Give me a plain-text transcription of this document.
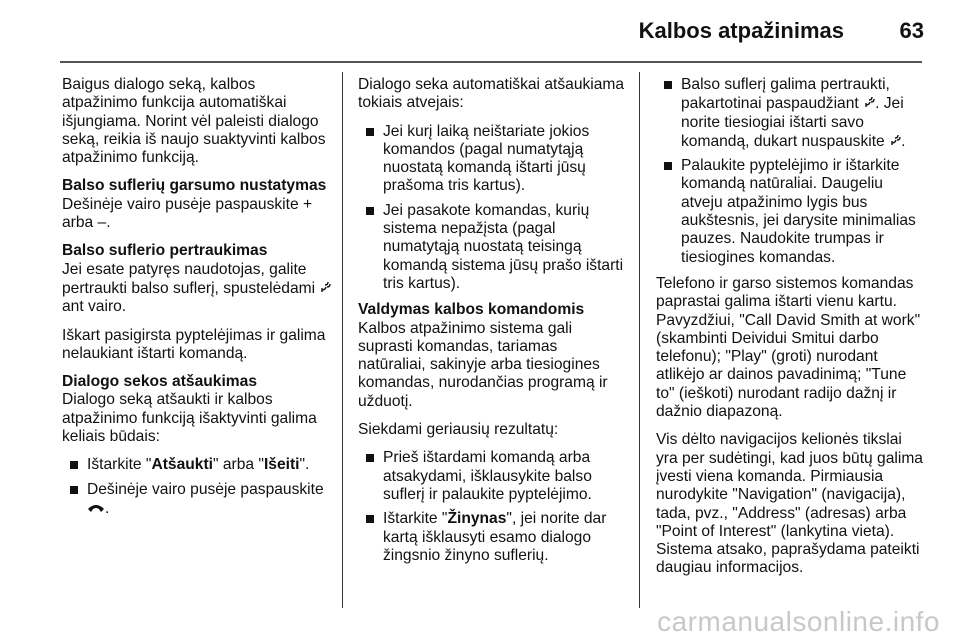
Kalbos atpažinimas	63

Baigus dialogo seką, kalbos atpažinimo funkcija automatiškai išjungiama. Norint vėl paleisti dialogo seką, reikia iš naujo suaktyvinti kalbos atpažinimo funkciją.

Balso suflerių garsumo nustatymas

Dešinėje vairo pusėje paspauskite + arba –.

Balso suflerio pertraukimas

Jei esate patyręs naudotojas, galite pertraukti balso suflerį, spustelėdami  ant vairo.

Iškart pasigirsta pyptelėjimas ir galima nelaukiant ištarti komandą.

Dialogo sekos atšaukimas

Dialogo seką atšaukti ir kalbos atpažinimo funkciją išaktyvinti galima keliais būdais:

Ištarkite "Atšaukti" arba "Išeiti".
Dešinėje vairo pusėje paspauskite
.

Dialogo seka automatiškai atšaukiama tokiais atvejais:

Jei kurį laiką neištariate jokios komandos (pagal numatytąją nuostatą komandą ištarti jūsų prašoma tris kartus).
Jei pasakote komandas, kurių sistema nepažįsta (pagal numatytąją nuostatą teisingą komandą sistema jūsų prašo ištarti tris kartus).

Valdymas kalbos komandomis

Kalbos atpažinimo sistema gali suprasti komandas, tariamas natūraliai, sakinyje arba tiesiogines komandas, nurodančias programą ir užduotį.

Siekdami geriausių rezultatų:

Prieš ištardami komandą arba atsakydami, išklausykite balso suflerį ir palaukite pyptelėjimo.
Ištarkite "Žinynas", jei norite dar kartą išklausyti esamo dialogo žingsnio žinyno suflerių.
Balso suflerį galima pertraukti, pakartotinai paspaudžiant . Jei norite tiesiogiai ištarti savo komandą, dukart nuspauskite .
Palaukite pyptelėjimo ir ištarkite komandą natūraliai. Daugeliu atveju atpažinimo lygis bus aukštesnis, jei darysite minimalias pauzes. Naudokite trumpas ir tiesiogines komandas.

Telefono ir garso sistemos komandas paprastai galima ištarti vienu kartu. Pavyzdžiui, "Call David Smith at work" (skambinti Deividui Smitui darbo telefonu); "Play" (groti) nurodant atlikėjo ar dainos pavadinimą; "Tune to" (ieškoti) nurodant radijo dažnį ir dažnio diapazoną.

Vis dėlto navigacijos kelionės tikslai yra per sudėtingi, kad juos būtų galima įvesti viena komanda. Pirmiausia nurodykite "Navigation" (navigacija), tada, pvz., "Address" (adresas) arba "Point of Interest" (lankytina vieta). Sistema atsako, paprašydama pateikti daugiau informacijos.

carmanualsonline.info
